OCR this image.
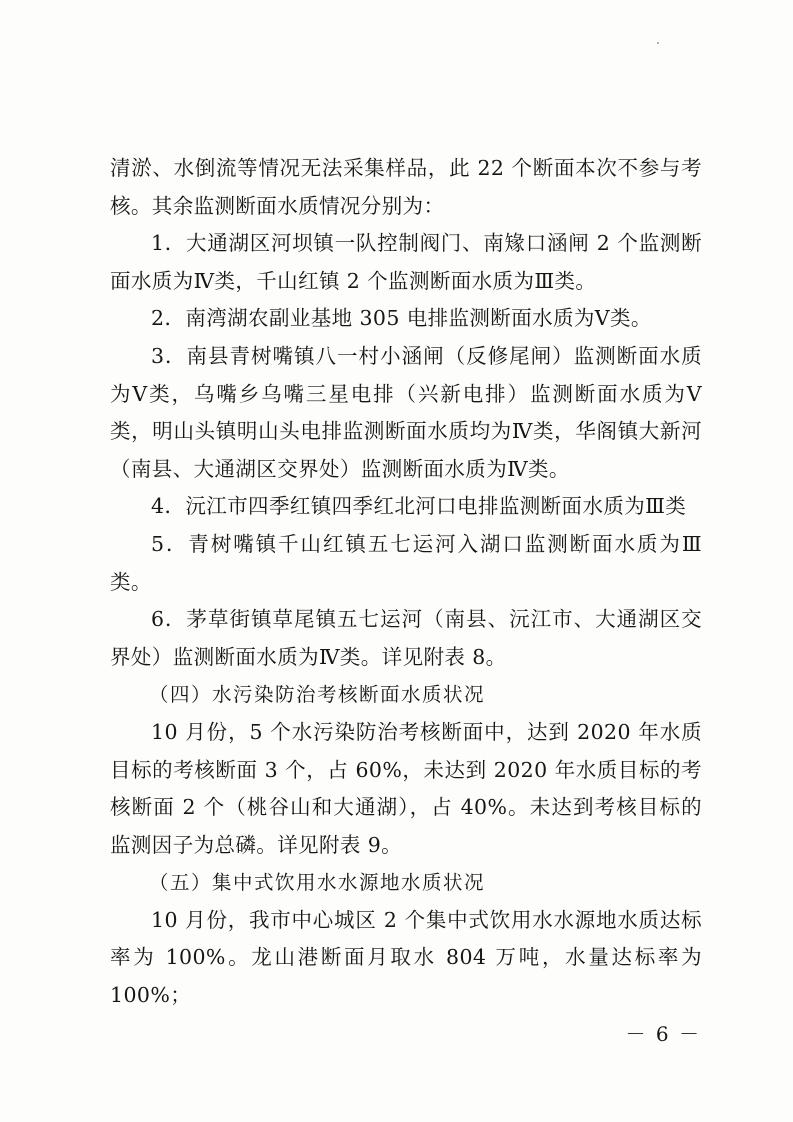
清淤、水倒流等情况无法采集样品，此 22 个断面本次不参与考核。其余监测断面水质情况分别为：

1．大通湖区河坝镇一队控制阀门、南䂕口涵闸 2 个监测断面水质为Ⅳ类，千山红镇 2 个监测断面水质为Ⅲ类。

2．南湾湖农副业基地 305 电排监测断面水质为Ⅴ类。

3．南县青树嘴镇八一村小涵闸（反修尾闸）监测断面水质为Ⅴ类，乌嘴乡乌嘴三星电排（兴新电排）监测断面水质为Ⅴ类，明山头镇明山头电排监测断面水质均为Ⅳ类，华阁镇大新河（南县、大通湖区交界处）监测断面水质为Ⅳ类。

4．沅江市四季红镇四季红北河口电排监测断面水质为Ⅲ类

5．青树嘴镇千山红镇五七运河入湖口监测断面水质为Ⅲ类。

6．茅草街镇草尾镇五七运河（南县、沅江市、大通湖区交界处）监测断面水质为Ⅳ类。详见附表 8。

（四）水污染防治考核断面水质状况

10 月份，5 个水污染防治考核断面中，达到 2020 年水质目标的考核断面 3 个，占 60%，未达到 2020 年水质目标的考核断面 2 个（桃谷山和大通湖），占 40%。未达到考核目标的监测因子为总磷。详见附表 9。

（五）集中式饮用水水源地水质状况

10 月份，我市中心城区 2 个集中式饮用水水源地水质达标率为 100%。龙山港断面月取水 804 万吨，水量达标率为 100%；

－ 6 －
